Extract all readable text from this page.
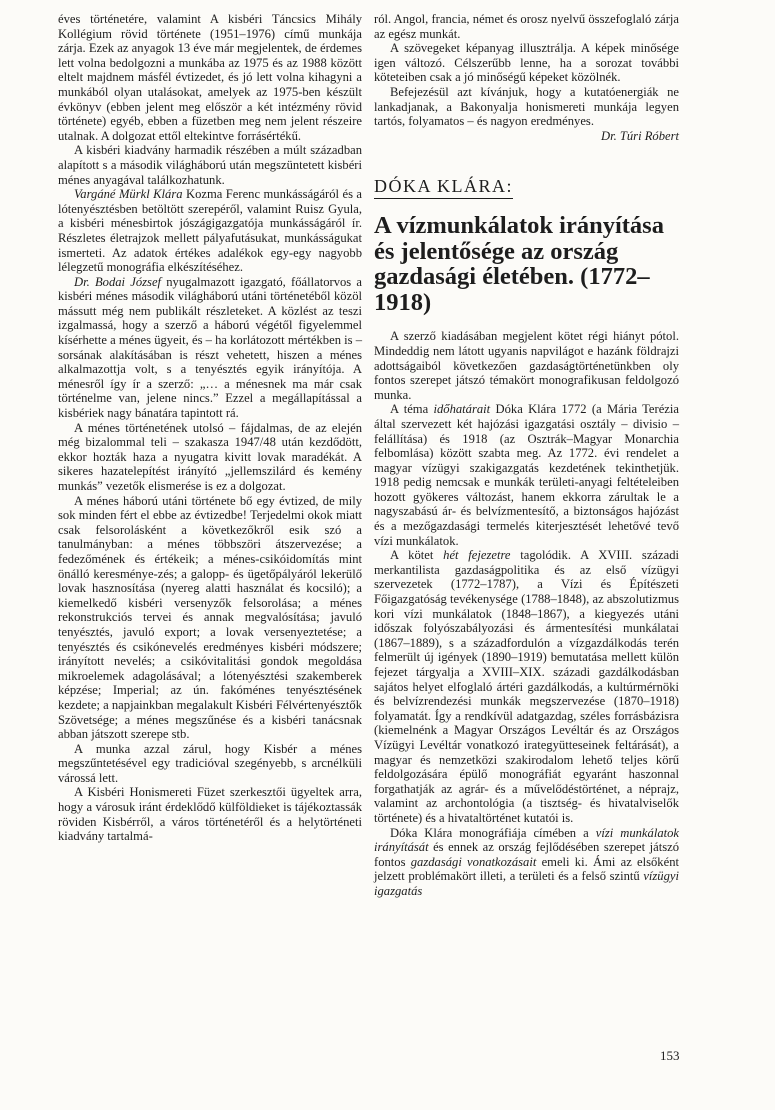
éves történetére, valamint A kisbéri Táncsics Mihály Kollégium rövid története (1951–1976) című munkája zárja. Ezek az anyagok 13 éve már megjelentek, de érdemes lett volna bedolgozni a munkába az 1975 és az 1988 között eltelt majdnem másfél évtizedet, és jó lett volna kihagyni a munkából olyan utalásokat, amelyek az 1975-ben készült évkönyv (ebben jelent meg először a két intézmény rövid története) egyéb, ebben a füzetben meg nem jelent részeire utalnak. A dolgozat ettől eltekintve forrásértékű.

A kisbéri kiadvány harmadik részében a múlt században alapított s a második világháború után megszüntetett kisbéri ménes anyagával találkozhatunk.

Vargáné Mürkl Klára Kozma Ferenc munkásságáról és a lótenyésztésben betöltött szerepéről, valamint Ruisz Gyula, a kisbéri ménesbirtok jószágigazgatója munkásságáról ír. Részletes életrajzok mellett pályafutásukat, munkásságukat ismerteti. Az adatok értékes adalékok egy-egy nagyobb lélegzetű monográfia elkészítéséhez.

Dr. Bodai József nyugalmazott igazgató, főállatorvos a kisbéri ménes második világháború utáni történetéből közöl mássutt még nem publikált részleteket. A közlést az teszi izgalmassá, hogy a szerző a háború végétől figyelemmel kísérhette a ménes ügyeit, és – ha korlátozott mértékben is – sorsának alakításában is részt vehetett, hiszen a ménes alkalmazottja volt, s a tenyésztés egyik irányítója. A ménesről így ír a szerző: „… a ménesnek ma már csak történelme van, jelene nincs.” Ezzel a megállapítással a kisbériek nagy bánatára tapintott rá.

A ménes történetének utolsó – fájdalmas, de az elején még bizalommal teli – szakasza 1947/48 után kezdődött, ekkor hozták haza a nyugatra kivitt lovak maradékát. A sikeres hazatelepítést irányító „jellemszilárd és kemény munkás” vezetők elismerése is ez a dolgozat.

A ménes háború utáni története bő egy évtized, de mily sok minden fért el ebbe az évtizedbe! Terjedelmi okok miatt csak felsorolásként a következőkről esik szó a tanulmányban: a ménes többszöri átszervezése; a fedezőmének és értékeik; a ménes-csikóidomítás mint önálló keresménye-zés; a galopp- és ügetőpályáról lekerülő lovak hasznosítása (nyereg alatti használat és kocsiló); a kiemelkedő kisbéri versenyzők felsorolása; a ménes rekonstrukciós tervei és annak megvalósítása; javuló tenyésztés, javuló export; a lovak versenyeztetése; a tenyésztés és csikónevelés eredményes kisbéri módszere; irányított nevelés; a csikóvitalitási gondok megoldása mikroelemek adagolásával; a lótenyésztési szakemberek képzése; Imperial; az ún. fakóménes tenyésztésének kezdete; a napjainkban megalakult Kisbéri Félvértenyésztők Szövetsége; a ménes megszűnése és a kisbéri tanácsnak abban játszott szerepe stb.

A munka azzal zárul, hogy Kisbér a ménes megszűntetésével egy tradicióval szegényebb, s arcnélküli várossá lett.

A Kisbéri Honismereti Füzet szerkesztői ügyeltek arra, hogy a városuk iránt érdeklődő külföldieket is tájékoztassák röviden Kisbérről, a város történetéről és a helytörténeti kiadvány tartalmá-

ról. Angol, francia, német és orosz nyelvű összefoglaló zárja az egész munkát.

A szövegeket képanyag illusztrálja. A képek minősége igen változó. Célszerűbb lenne, ha a sorozat további köteteiben csak a jó minőségű képeket közölnék.

Befejezésül azt kívánjuk, hogy a kutatóenergiák ne lankadjanak, a Bakonyalja honismereti munkája legyen tartós, folyamatos – és nagyon eredményes.

Dr. Túri Róbert

DÓKA KLÁRA:
A vízmunkálatok irányítása és jelentősége az ország gazdasági életében. (1772–1918)

A szerző kiadásában megjelent kötet régi hiányt pótol. Mindeddig nem látott ugyanis napvilágot e hazánk földrajzi adottságaiból következően gazdaságtörténetünkben oly fontos szerepet játszó témakört monografikusan feldolgozó munka.

A téma időhatárait Dóka Klára 1772 (a Mária Terézia által szervezett két hajózási igazgatási osztály – divisio – felállítása) és 1918 (az Osztrák–Magyar Monarchia felbomlása) között szabta meg. Az 1772. évi rendelet a magyar vízügyi szakigazgatás kezdetének tekinthetjük. 1918 pedig nemcsak e munkák területi-anyagi feltételeiben hozott gyökeres változást, hanem ekkorra zárultak le a nagyszabású ár- és belvízmentesítő, a biztonságos hajózást és a mezőgazdasági termelés kiterjesztését lehetővé tevő vízi munkálatok.

A kötet hét fejezetre tagolódik. A XVIII. századi merkantilista gazdaságpolitika és az első vízügyi szervezetek (1772–1787), a Vízi és Építészeti Főigazgatóság tevékenysége (1788–1848), az abszolutizmus kori vízi munkálatok (1848–1867), a kiegyezés utáni időszak folyószabályozási és ármentesítési munkálatai (1867–1889), s a századfordulón a vízgazdálkodás terén felmerült új igények (1890–1919) bemutatása mellett külön fejezet tárgyalja a XVIII–XIX. századi gazdálkodásban sajátos helyet elfoglaló ártéri gazdálkodás, a kultúrmérnöki és belvízrendezési munkák megszervezése (1870–1918) folyamatát. Így a rendkívül adatgazdag, széles forrásbázisra (kiemelnénk a Magyar Országos Levéltár és az Országos Vízügyi Levéltár vonatkozó irategyütteseinek feltárását), a magyar és nemzetközi szakirodalom lehető teljes körű feldolgozására épülő monográfiát egyaránt haszonnal forgathatják az agrár- és a művelődéstörténet, a néprajz, valamint az archontológia (a tisztség- és hivatalviselők története) és a hivataltörténet kutatói is.

Dóka Klára monográfiája címében a vízi munkálatok irányítását és ennek az ország fejlődésében szerepet játszó fontos gazdasági vonatkozásait emeli ki. Ámi az elsőként jelzett problémakört illeti, a területi és a felső szintű vízügyi igazgatás

153
